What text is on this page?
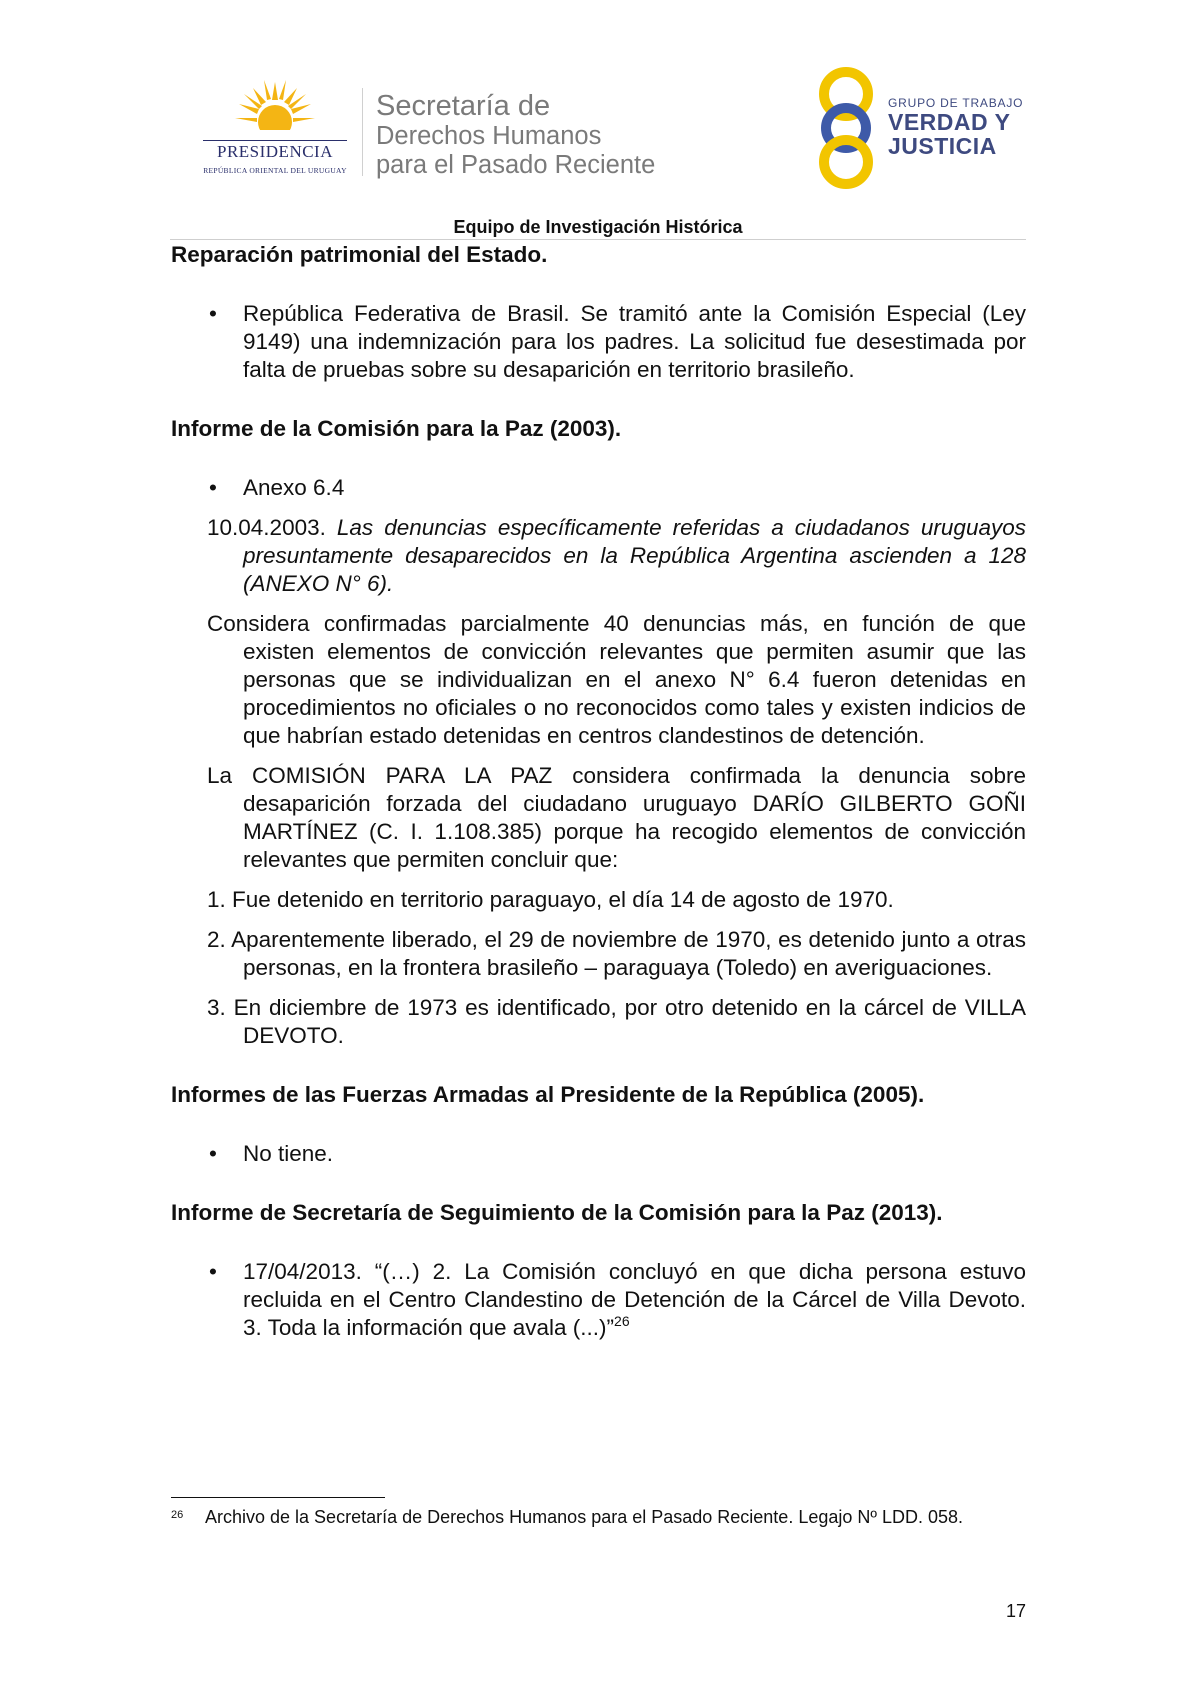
PRESIDENCIA
REPÚBLICA ORIENTAL DEL URUGUAY
Secretaría de
Derechos Humanos
para el Pasado Reciente
GRUPO DE TRABAJO
VERDAD Y
JUSTICIA
Equipo de Investigación Histórica

Reparación patrimonial del Estado.

• República Federativa de Brasil. Se tramitó ante la Comisión Especial (Ley 9149) una indemnización para los padres. La solicitud fue desestimada por falta de pruebas sobre su desaparición en territorio brasileño.

Informe de la Comisión para la Paz (2003).

• Anexo 6.4

10.04.2003. Las denuncias específicamente referidas a ciudadanos uruguayos presuntamente desaparecidos en la República Argentina ascienden a 128 (ANEXO N° 6).

Considera confirmadas parcialmente 40 denuncias más, en función de que existen elementos de convicción relevantes que permiten asumir que las personas que se individualizan en el anexo N° 6.4 fueron detenidas en procedimientos no oficiales o no reconocidos como tales y existen indicios de que habrían estado detenidas en centros clandestinos de detención.

La COMISIÓN PARA LA PAZ considera confirmada la denuncia sobre desaparición forzada del ciudadano uruguayo DARÍO GILBERTO GOÑI MARTÍNEZ (C. I. 1.108.385) porque ha recogido elementos de convicción relevantes que permiten concluir que:

1. Fue detenido en territorio paraguayo, el día 14 de agosto de 1970.

2. Aparentemente liberado, el 29 de noviembre de 1970, es detenido junto a otras personas, en la frontera brasileño – paraguaya (Toledo) en averiguaciones.

3. En diciembre de 1973 es identificado, por otro detenido en la cárcel de VILLA DEVOTO.

Informes de las Fuerzas Armadas al Presidente de la República (2005).

• No tiene.

Informe de Secretaría de Seguimiento de la Comisión para la Paz (2013).

• 17/04/2013. “(…) 2. La Comisión concluyó en que dicha persona estuvo recluida en el Centro Clandestino de Detención de la Cárcel de Villa Devoto. 3. Toda la información que avala (...)”$^{26}$
26	Archivo de la Secretaría de Derechos Humanos para el Pasado Reciente. Legajo Nº LDD. 058.
17
